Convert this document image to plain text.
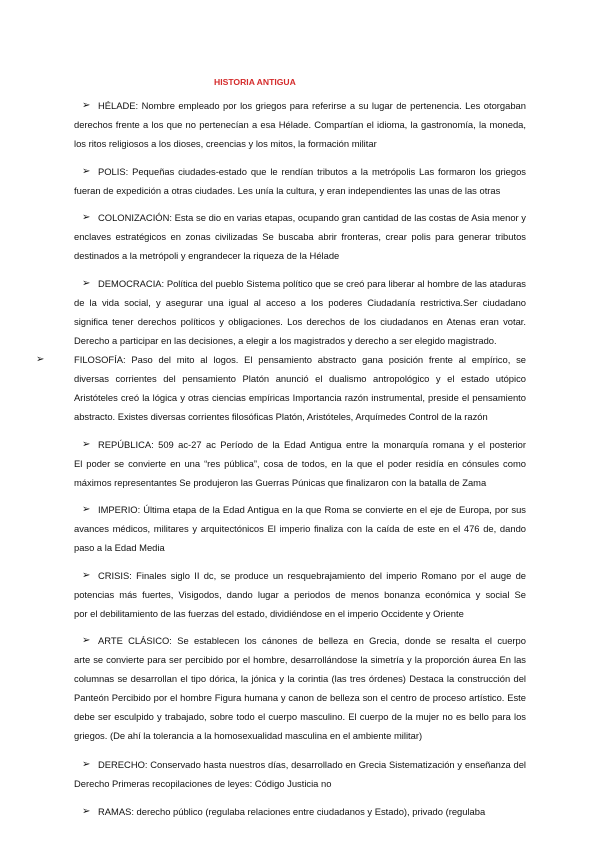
HISTORIA ANTIGUA
➢ HÉLADE: Nombre empleado por los griegos para referirse a su lugar de pertenencia. Les otorgaban
derechos frente a los que no pertenecían a esa Hélade. Compartían el idioma, la gastronomía, la moneda,
los ritos religiosos a los dioses, creencias y los mitos, la formación militar
➢ POLIS: Pequeñas ciudades-estado que le rendían tributos a la metrópolis Las formaron los griegos
fueran de expedición a otras ciudades. Les unía la cultura, y eran independientes las unas de las otras
➢ COLONIZACIÓN: Esta se dio en varias etapas, ocupando gran cantidad de las costas de Asia menor y
enclaves estratégicos en zonas civilizadas Se buscaba abrir fronteras, crear polis para generar tributos
destinados a la metrópoli y engrandecer la riqueza de la Hélade
➢ DEMOCRACIA: Política del pueblo Sistema político que se creó para liberar al hombre de las ataduras
de la vida social, y asegurar una igual al acceso a los poderes Ciudadanía restrictiva.Ser ciudadano
significa tener derechos políticos y obligaciones. Los derechos de los ciudadanos en Atenas eran votar.
Derecho a participar en las decisiones, a elegir a los magistrados y derecho a ser elegido magistrado.
➢	FILOSOFÍA: Paso del mito al logos. El pensamiento abstracto gana posición frente al empírico, se
diversas corrientes del pensamiento Platón anunció el dualismo antropológico y el estado utópico
Aristóteles creó la lógica y otras ciencias empíricas Importancia razón instrumental, preside el pensamiento
abstracto. Existes diversas corrientes filosóficas Platón, Aristóteles, Arquímedes Control de la razón
➢ REPÚBLICA: 509 ac-27 ac Período de la Edad Antigua entre la monarquía romana y el posterior
El poder se convierte en una “res pública”, cosa de todos, en la que el poder residía en cónsules como
máximos representantes Se produjeron las Guerras Púnicas que finalizaron con la batalla de Zama
➢ IMPERIO: Última etapa de la Edad Antigua en la que Roma se convierte en el eje de Europa, por sus
avances médicos, militares y arquitectónicos El imperio finaliza con la caída de este en el 476 de, dando
paso a la Edad Media
➢ CRISIS: Finales siglo II dc, se produce un resquebrajamiento del imperio Romano por el auge de
potencias más fuertes, Visigodos, dando lugar a periodos de menos bonanza económica y social Se
por el debilitamiento de las fuerzas del estado, dividiéndose en el imperio Occidente y Oriente
➢ ARTE CLÁSICO: Se establecen los cánones de belleza en Grecia, donde se resalta el cuerpo
arte se convierte para ser percibido por el hombre, desarrollándose la simetría y la proporción áurea En las
columnas se desarrollan el tipo dórica, la jónica y la corintia (las tres órdenes) Destaca la construcción del
Panteón Percibido por el hombre Figura humana y canon de belleza son el centro de proceso artístico. Este
debe ser esculpido y trabajado, sobre todo el cuerpo masculino. El cuerpo de la mujer no es bello para los
griegos. (De ahí la tolerancia a la homosexualidad masculina en el ambiente militar)
➢ DERECHO: Conservado hasta nuestros días, desarrollado en Grecia Sistematización y enseñanza del
Derecho Primeras recopilaciones de leyes: Código Justicia no
➢ RAMAS: derecho público (regulaba relaciones entre ciudadanos y Estado), privado (regulaba
